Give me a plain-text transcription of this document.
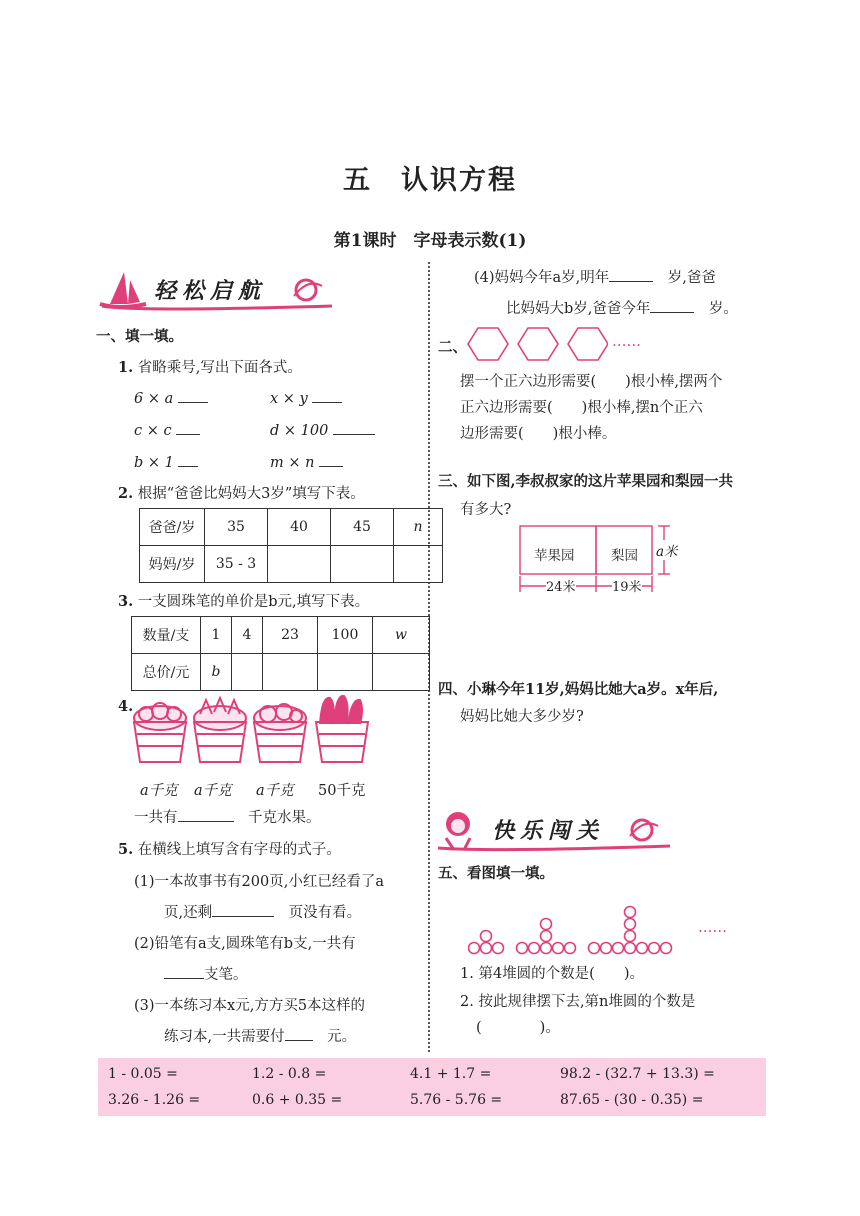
五　认识方程
第1课时　字母表示数(1)
轻松启航
一、填一填。
1. 省略乘号,写出下面各式。
6 × a	x × y
c × c	d × 100
b × 1	m × n
2. 根据“爸爸比妈妈大3岁”填写下表。
爸爸/岁	35	40	45	n
妈妈/岁	35 - 3			
3. 一支圆珠笔的单价是b元,填写下表。
数量/支	1	4	23	100	w
总价/元	b				
4.
a千克 a千克 a千克 50千克
一共有　	千克水果。
5. 在横线上填写含有字母的式子。
(1)一本故事书有200页,小红已经看了a
页,还剩　	页没有看。
(2)铅笔有a支,圆珠笔有b支,一共有
支笔。
(3)一本练习本x元,方方买5本这样的
练习本,一共需要付　	元。
(4)妈妈今年a岁,明年　	岁,爸爸
比妈妈大b岁,爸爸今年　	岁。
二、	……
摆一个正六边形需要(　　)根小棒,摆两个
正六边形需要(　　)根小棒,摆n个正六
边形需要(　　)根小棒。
三、如下图,李叔叔家的这片苹果园和梨园一共
有多大?
苹果园	梨园 a米
24米	19米
四、小琳今年11岁,妈妈比她大a岁。x年后,
妈妈比她大多少岁?
快乐闯关
五、看图填一填。
……
1. 第4堆圆的个数是(　　)。
2. 按此规律摆下去,第n堆圆的个数是
(　　　　)。
1 - 0.05 =	1.2 - 0.8 =	4.1 + 1.7 =	98.2 - (32.7 + 13.3) =
3.26 - 1.26 =	0.6 + 0.35 =	5.76 - 5.76 =	87.65 - (30 - 0.35) =
